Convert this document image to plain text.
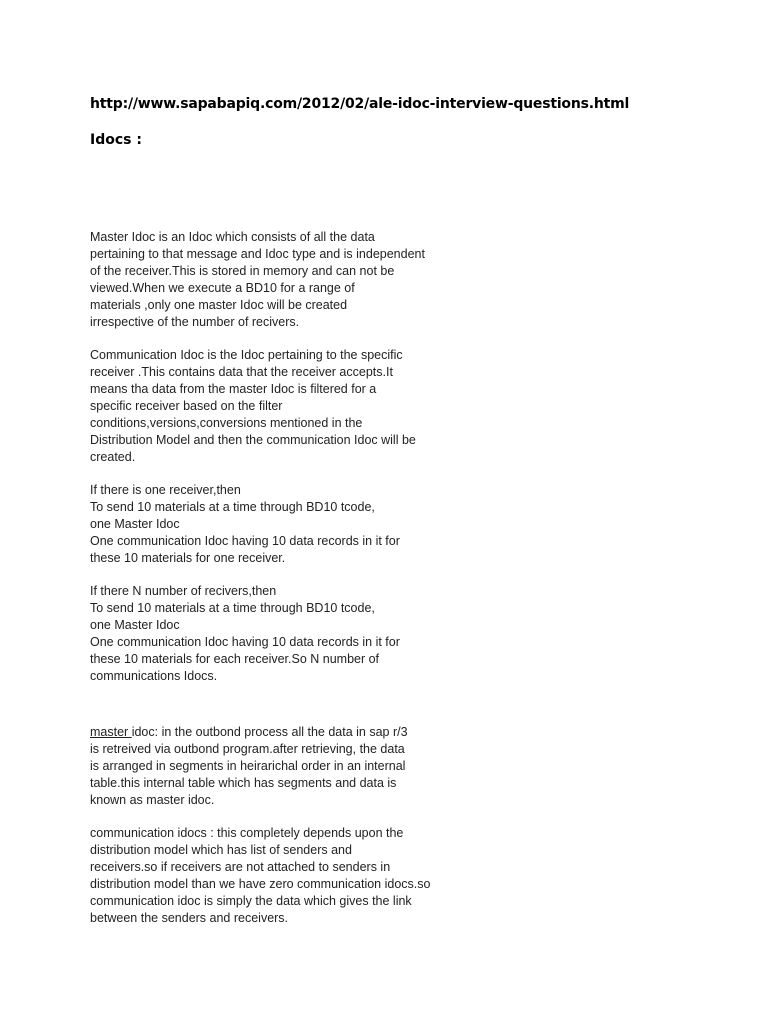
http://www.sapabapiq.com/2012/02/ale-idoc-interview-questions.html
Idocs :
Master Idoc is an Idoc which consists of all the data
pertaining to that message and Idoc type and is independent
of the receiver.This is stored in memory and can not be
viewed.When we execute a BD10 for a range of
materials ,only one master Idoc will be created
irrespective of the number of recivers.
Communication Idoc is the Idoc pertaining to the specific
receiver .This contains data that the receiver accepts.It
means tha data from the master Idoc is filtered for a
specific receiver based on the filter
conditions,versions,conversions mentioned in the
Distribution Model and then the communication Idoc will be
created.
If there is one receiver,then
To send 10 materials at a time through BD10 tcode,
one Master Idoc
One communication Idoc having 10 data records in it for
these 10 materials for one receiver.
If there N number of recivers,then
To send 10 materials at a time through BD10 tcode,
one Master Idoc
One communication Idoc having 10 data records in it for
these 10 materials for each receiver.So N number of
communications Idocs.
master idoc: in the outbond process all the data in sap r/3
is retreived via outbond program.after retrieving, the data
is arranged in segments in heirarichal order in an internal
table.this internal table which has segments and data is
known as master idoc.
communication idocs : this completely depends upon the
distribution model which has list of senders and
receivers.so if receivers are not attached to senders in
distribution model than we have zero communication idocs.so
communication idoc is simply the data which gives the link
between the senders and receivers.
